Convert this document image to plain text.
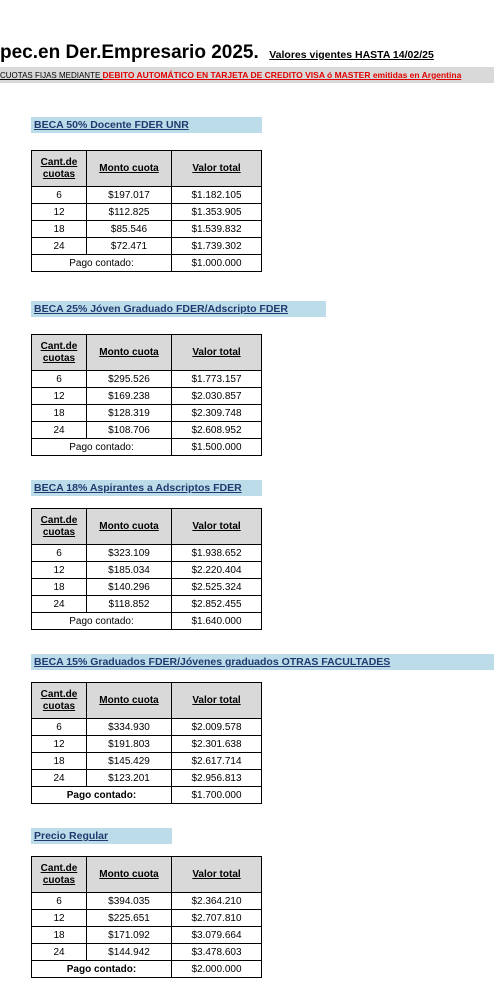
pec.en Der.Empresario 2025. Valores vigentes HASTA 14/02/25
CUOTAS FIJAS MEDIANTE DEBITO AUTOMÁTICO EN TARJETA DE CREDITO VISA ó MASTER emitidas en Argentina
BECA 50% Docente FDER UNR
Cant.de cuotas	Monto cuota	Valor total
6	$197.017	$1.182.105
12	$112.825	$1.353.905
18	$85.546	$1.539.832
24	$72.471	$1.739.302
Pago contado:		$1.000.000
BECA 25% Jóven Graduado FDER/Adscripto FDER
Cant.de cuotas	Monto cuota	Valor total
6	$295.526	$1.773.157
12	$169.238	$2.030.857
18	$128.319	$2.309.748
24	$108.706	$2.608.952
Pago contado:		$1.500.000
BECA 18% Aspirantes a Adscriptos FDER
Cant.de cuotas	Monto cuota	Valor total
6	$323.109	$1.938.652
12	$185.034	$2.220.404
18	$140.296	$2.525.324
24	$118.852	$2.852.455
Pago contado:		$1.640.000
BECA 15% Graduados FDER/Jóvenes graduados OTRAS FACULTADES
Cant.de cuotas	Monto cuota	Valor total
6	$334.930	$2.009.578
12	$191.803	$2.301.638
18	$145.429	$2.617.714
24	$123.201	$2.956.813
Pago contado:		$1.700.000
Precio Regular
Cant.de cuotas	Monto cuota	Valor total
6	$394.035	$2.364.210
12	$225.651	$2.707.810
18	$171.092	$3.079.664
24	$144.942	$3.478.603
Pago contado:		$2.000.000
